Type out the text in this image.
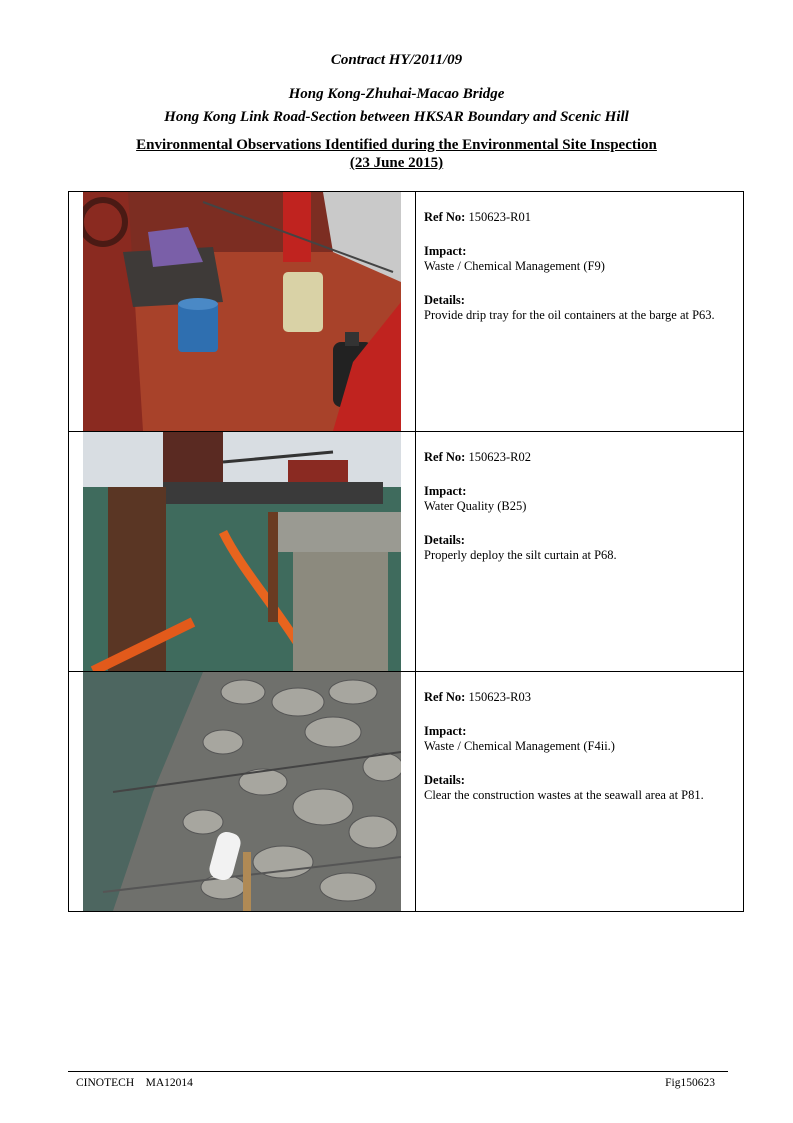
Contract HY/2011/09
Hong Kong-Zhuhai-Macao Bridge
Hong Kong Link Road-Section between HKSAR Boundary and Scenic Hill
Environmental Observations Identified during the Environmental Site Inspection
(23 June 2015)

Ref No: 150623-R01
Impact:
Waste / Chemical Management (F9)
Details:
Provide drip tray for the oil containers at the barge at P63.

Ref No: 150623-R02
Impact:
Water Quality (B25)
Details:
Properly deploy the silt curtain at P68.

Ref No: 150623-R03
Impact:
Waste / Chemical Management (F4ii.)
Details:
Clear the construction wastes at the seawall area at P81.
CINOTECH    MA12014	Fig150623
